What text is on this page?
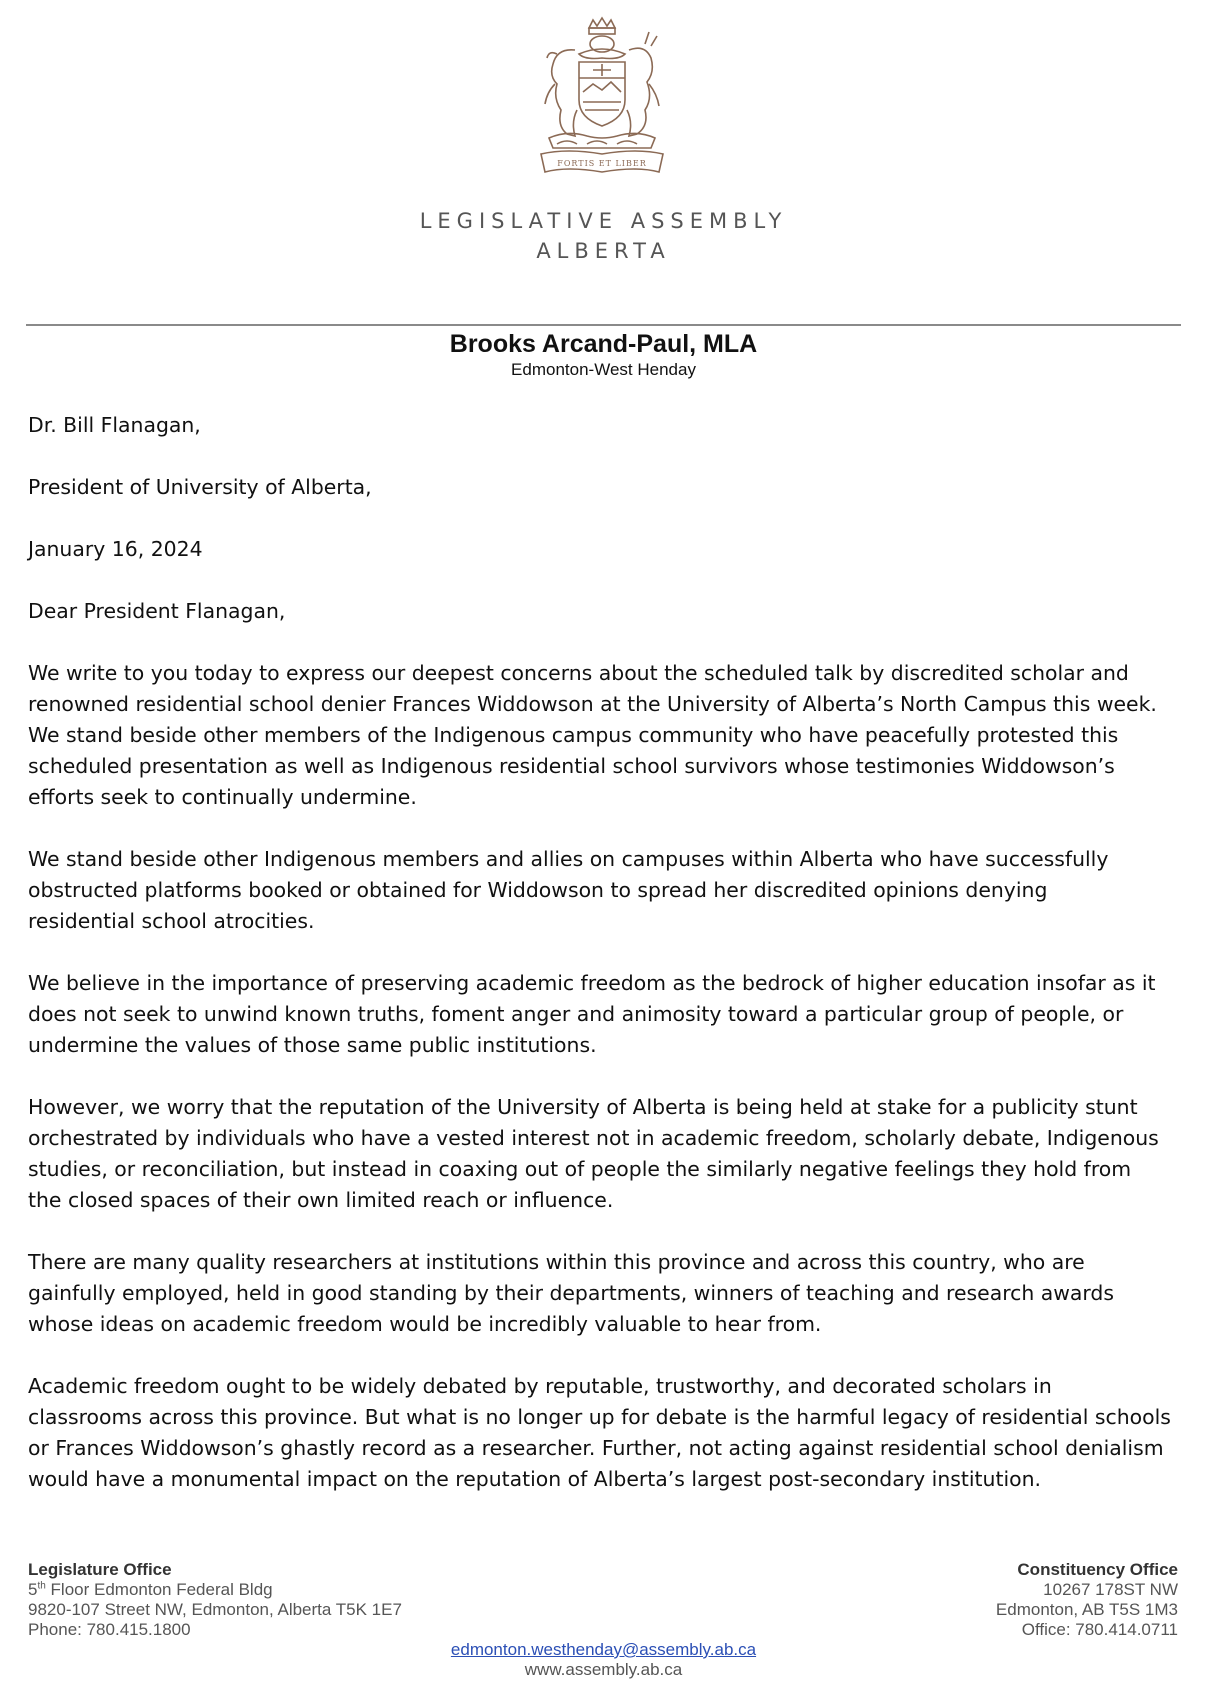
FORTIS ET LIBER
LEGISLATIVE ASSEMBLY
ALBERTA
Brooks Arcand-Paul, MLA
Edmonton-West Henday

Dr. Bill Flanagan,

President of University of Alberta,

January 16, 2024

Dear President Flanagan,

We write to you today to express our deepest concerns about the scheduled talk by discredited scholar and
renowned residential school denier Frances Widdowson at the University of Alberta’s North Campus this week.
We stand beside other members of the Indigenous campus community who have peacefully protested this
scheduled presentation as well as Indigenous residential school survivors whose testimonies Widdowson’s
efforts seek to continually undermine.

We stand beside other Indigenous members and allies on campuses within Alberta who have successfully
obstructed platforms booked or obtained for Widdowson to spread her discredited opinions denying
residential school atrocities.

We believe in the importance of preserving academic freedom as the bedrock of higher education insofar as it
does not seek to unwind known truths, foment anger and animosity toward a particular group of people, or
undermine the values of those same public institutions.

However, we worry that the reputation of the University of Alberta is being held at stake for a publicity stunt
orchestrated by individuals who have a vested interest not in academic freedom, scholarly debate, Indigenous
studies, or reconciliation, but instead in coaxing out of people the similarly negative feelings they hold from
the closed spaces of their own limited reach or influence.

There are many quality researchers at institutions within this province and across this country, who are
gainfully employed, held in good standing by their departments, winners of teaching and research awards
whose ideas on academic freedom would be incredibly valuable to hear from.

Academic freedom ought to be widely debated by reputable, trustworthy, and decorated scholars in
classrooms across this province. But what is no longer up for debate is the harmful legacy of residential schools
or Frances Widdowson’s ghastly record as a researcher. Further, not acting against residential school denialism
would have a monumental impact on the reputation of Alberta’s largest post-secondary institution.

Legislature Office
5th Floor Edmonton Federal Bldg
9820-107 Street NW, Edmonton, Alberta T5K 1E7
Phone: 780.415.1800
Constituency Office
10267 178ST NW
Edmonton, AB T5S 1M3
Office: 780.414.0711
edmonton.westhenday@assembly.ab.ca
www.assembly.ab.ca
